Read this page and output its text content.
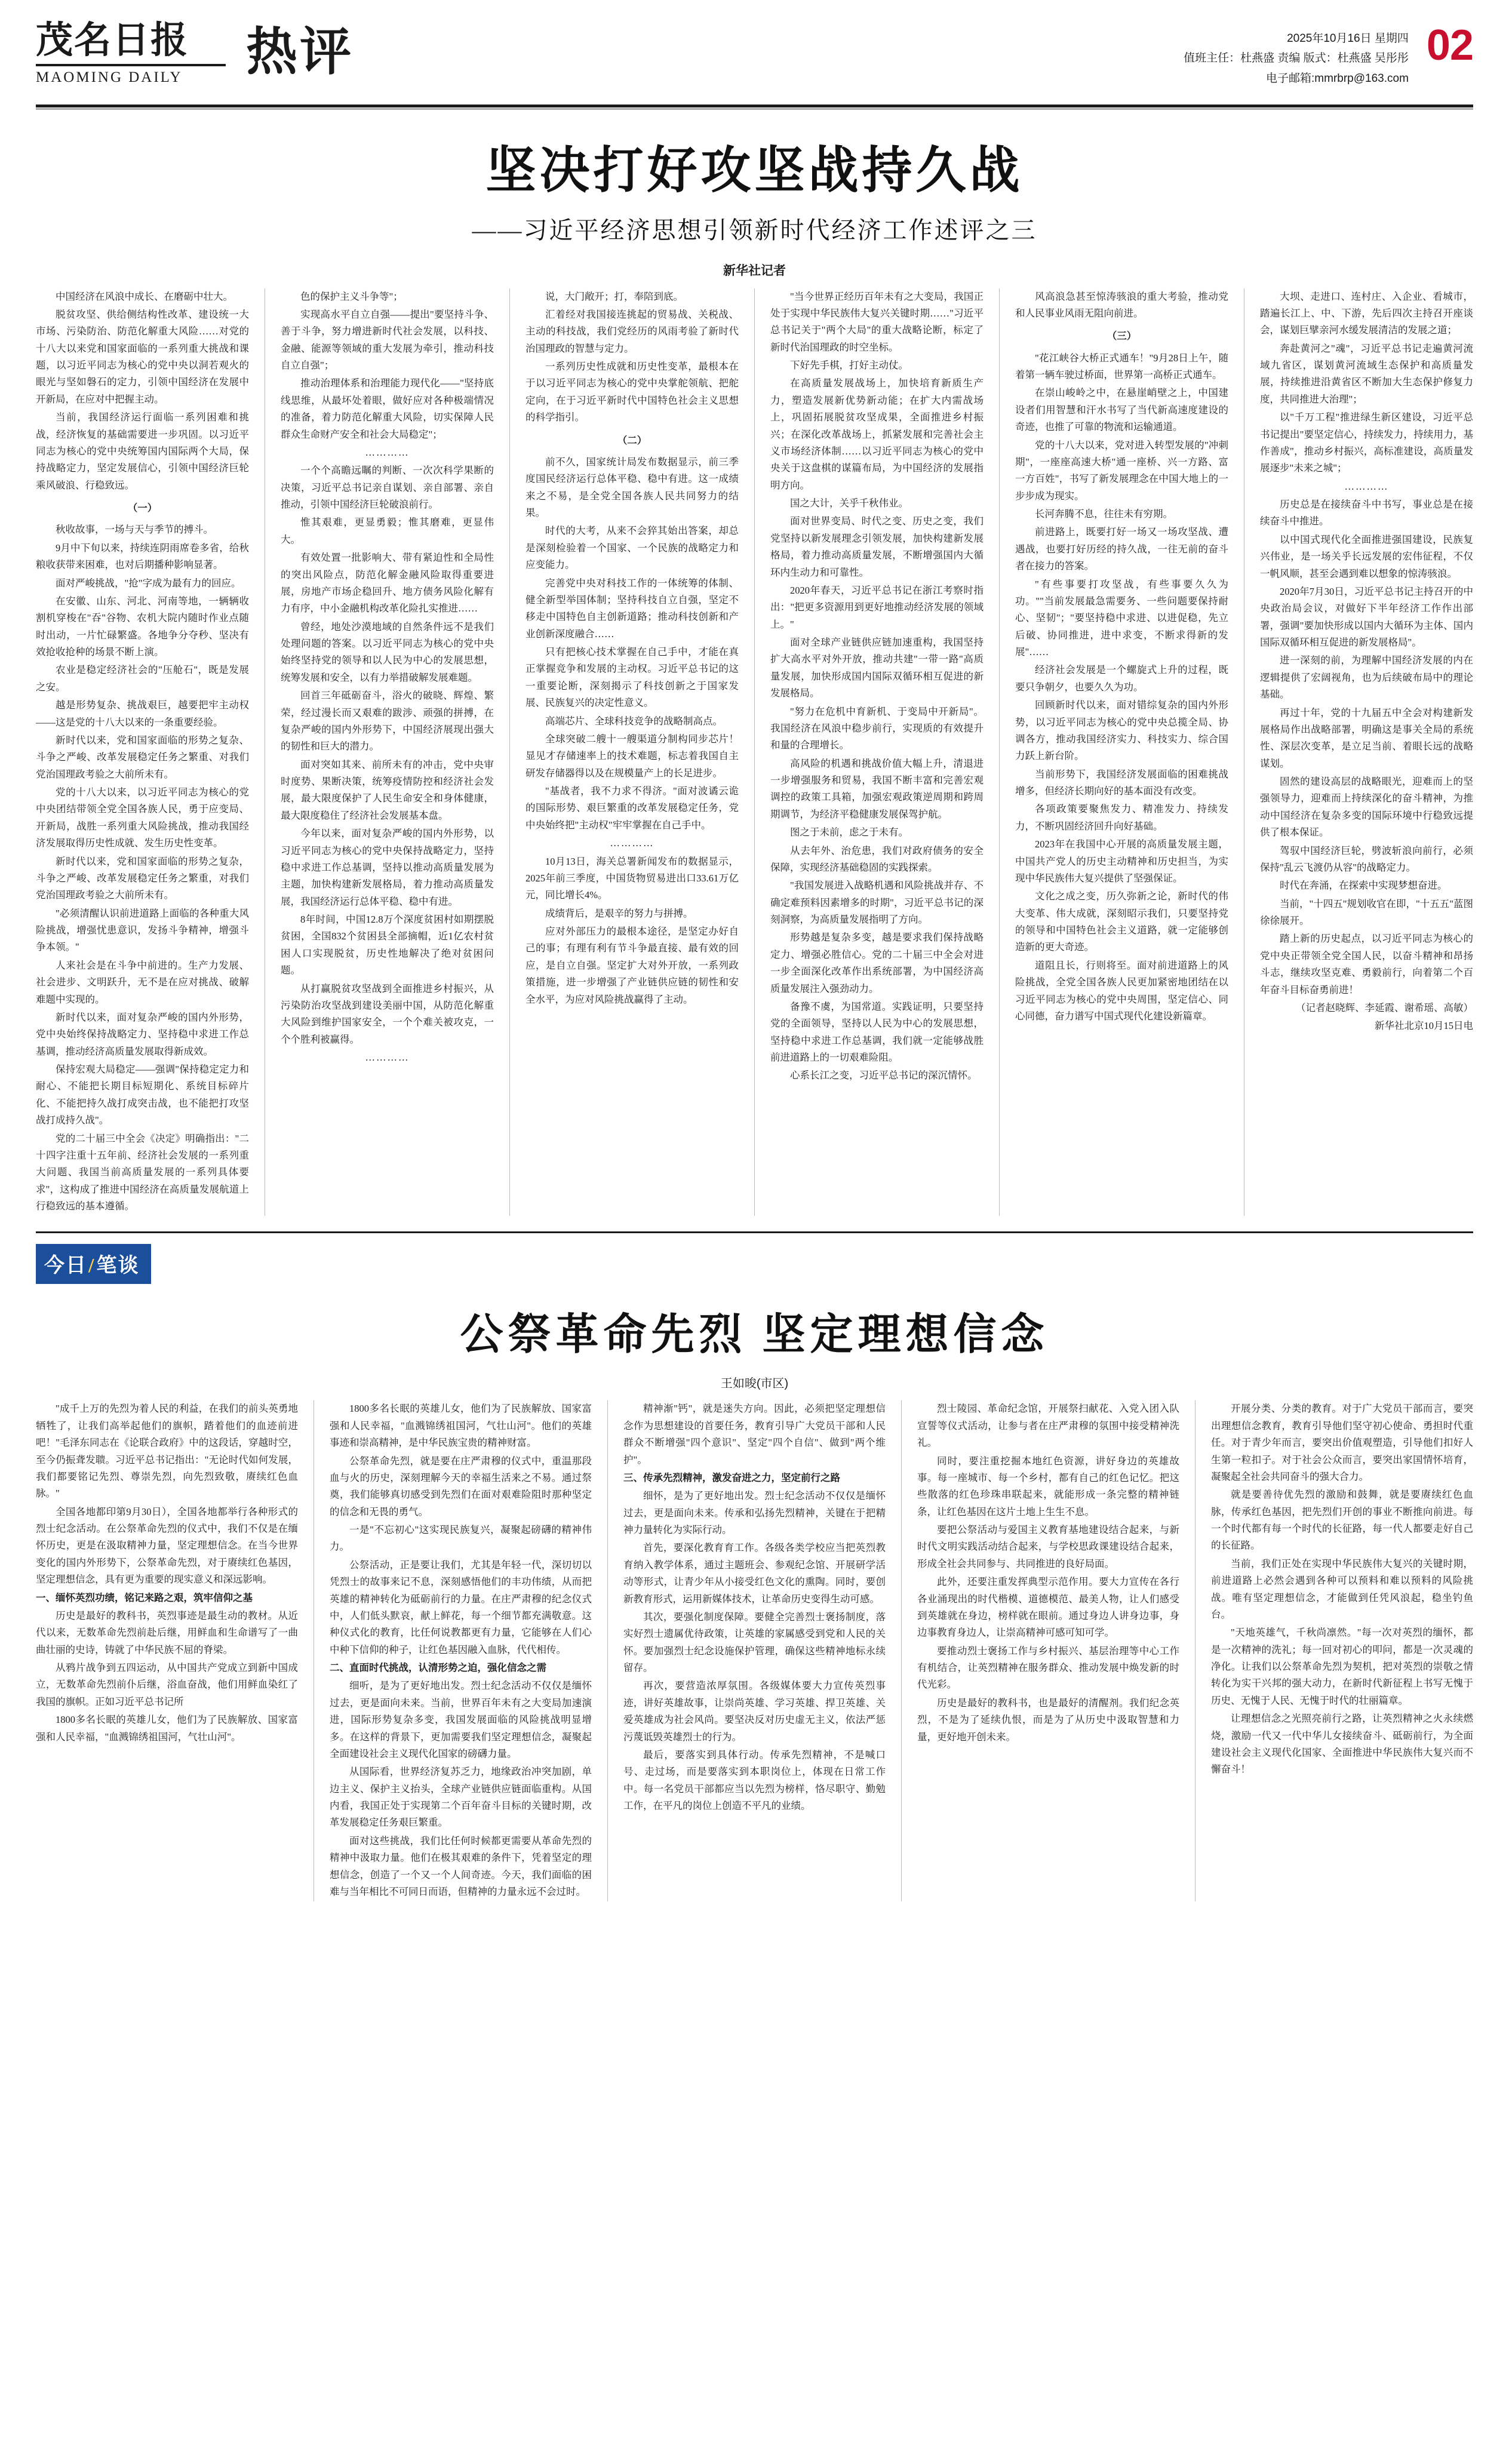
茂名日报
MAOMING DAILY	热评	2025年10月16日 星期四
值班主任：杜燕盛 责编 版式：杜燕盛 吴彤彤
电子邮箱:mmrbrp@163.com
02
坚决打好攻坚战持久战
——习近平经济思想引领新时代经济工作述评之三
新华社记者

中国经济在风浪中成长、在磨砺中壮大。

脱贫攻坚、供给侧结构性改革、建设统一大市场、污染防治、防范化解重大风险……对党的十八大以来党和国家面临的一系列重大挑战和课题，以习近平同志为核心的党中央以洞若观火的眼光与坚如磐石的定力，引领中国经济在发展中开新局，在应对中把握主动。

当前，我国经济运行面临一系列困难和挑战，经济恢复的基础需要进一步巩固。以习近平同志为核心的党中央统筹国内国际两个大局，保持战略定力，坚定发展信心，引领中国经济巨轮乘风破浪、行稳致远。

（一）

秋收故事，一场与天与季节的搏斗。

9月中下旬以来，持续连阴雨席卷多省，给秋粮收获带来困难，也对后期播种影响显著。

面对严峻挑战，"抢"字成为最有力的回应。

在安徽、山东、河北、河南等地，一辆辆收割机穿梭在"吞"谷物、农机大院内随时作业点随时出动，一片忙碌繁盛。各地争分夺秒、坚决有效抢收抢种的场景不断上演。

农业是稳定经济社会的"压舱石"，既是发展之安。

越是形势复杂、挑战艰巨，越要把牢主动权——这是党的十八大以来的一条重要经验。

新时代以来，党和国家面临的形势之复杂、斗争之严峻、改革发展稳定任务之繁重、对我们党治国理政考验之大前所未有。

党的十八大以来，以习近平同志为核心的党中央团结带领全党全国各族人民，勇于应变局、开新局，战胜一系列重大风险挑战，推动我国经济发展取得历史性成就、发生历史性变革。

新时代以来，党和国家面临的形势之复杂，斗争之严峻、改革发展稳定任务之繁重，对我们党治国理政考验之大前所未有。

"必须清醒认识前进道路上面临的各种重大风险挑战，增强忧患意识，发扬斗争精神，增强斗争本领。"

人来社会是在斗争中前进的。生产力发展、社会进步、文明跃升，无不是在应对挑战、破解难题中实现的。

新时代以来，面对复杂严峻的国内外形势，党中央始终保持战略定力、坚持稳中求进工作总基调，推动经济高质量发展取得新成效。

保持宏观大局稳定——强调"保持稳定定力和耐心、不能把长期目标短期化、系统目标碎片化、不能把持久战打成突击战，也不能把打攻坚战打成持久战"。

党的二十届三中全会《决定》明确指出："二十四字注重十五年前、经济社会发展的一系列重大问题、我国当前高质量发展的一系列具体要求"，这构成了推进中国经济在高质量发展航道上行稳致远的基本遵循。

色的保护主义斗争等"；

实现高水平自立自强——提出"要坚持斗争、善于斗争，努力增进新时代社会发展，以科技、金融、能源等领域的重大发展为牵引，推动科技自立自强"；

推动治理体系和治理能力现代化——"坚持底线思维，从最坏处着眼，做好应对各种极端情况的准备，着力防范化解重大风险，切实保障人民群众生命财产安全和社会大局稳定"；

…………

一个个高瞻远瞩的判断、一次次科学果断的决策，习近平总书记亲自谋划、亲自部署、亲自推动，引领中国经济巨轮破浪前行。

惟其艰难，更显勇毅；惟其磨难，更显伟大。

有效处置一批影响大、带有紧迫性和全局性的突出风险点，防范化解金融风险取得重要进展，房地产市场企稳回升、地方债务风险化解有力有序，中小金融机构改革化险扎实推进……

曾经，地处沙漠地域的自然条件远不是我们处理问题的答案。以习近平同志为核心的党中央始终坚持党的领导和以人民为中心的发展思想，统筹发展和安全，以有力举措破解发展难题。

回首三年砥砺奋斗，浴火的破晓、辉煌、繁荣，经过漫长而又艰难的跋涉、顽强的拼搏，在复杂严峻的国内外形势下，中国经济展现出强大的韧性和巨大的潜力。

面对突如其来、前所未有的冲击，党中央审时度势、果断决策，统筹疫情防控和经济社会发展，最大限度保护了人民生命安全和身体健康，最大限度稳住了经济社会发展基本盘。

今年以来，面对复杂严峻的国内外形势，以习近平同志为核心的党中央保持战略定力，坚持稳中求进工作总基调，坚持以推动高质量发展为主题，加快构建新发展格局，着力推动高质量发展，我国经济运行总体平稳、稳中有进。

8年时间，中国12.8万个深度贫困村如期摆脱贫困，全国832个贫困县全部摘帽，近1亿农村贫困人口实现脱贫，历史性地解决了绝对贫困问题。

从打赢脱贫攻坚战到全面推进乡村振兴，从污染防治攻坚战到建设美丽中国，从防范化解重大风险到维护国家安全，一个个难关被攻克，一个个胜利被赢得。

…………

说，大门敞开；打，奉陪到底。

汇着经对我国接连挑起的贸易战、关税战、主动的科技战，我们党经历的风雨考验了新时代治国理政的智慧与定力。

一系列历史性成就和历史性变革，最根本在于以习近平同志为核心的党中央掌舵领航、把舵定向，在于习近平新时代中国特色社会主义思想的科学指引。

（二）

前不久，国家统计局发布数据显示，前三季度国民经济运行总体平稳、稳中有进。这一成绩来之不易，是全党全国各族人民共同努力的结果。

时代的大考，从来不会猝其始出答案，却总是深刻检验着一个国家、一个民族的战略定力和应变能力。

完善党中央对科技工作的一体统筹的体制、健全新型举国体制；坚持科技自立自强，坚定不移走中国特色自主创新道路；推动科技创新和产业创新深度融合……

只有把核心技术掌握在自己手中，才能在真正掌握竞争和发展的主动权。习近平总书记的这一重要论断，深刻揭示了科技创新之于国家发展、民族复兴的决定性意义。

高端芯片、全球科技竞争的战略制高点。

全球突破二艘十一艘渠道分制构同步芯片！显见才存储速率上的技术难题，标志着我国自主研发存储器得以及在规模量产上的长足进步。

"基战者，我不力求不得济。"面对波谲云诡的国际形势、艰巨繁重的改革发展稳定任务，党中央始终把"主动权"牢牢掌握在自己手中。

…………

10月13日，海关总署新闻发布的数据显示，2025年前三季度，中国货物贸易进出口33.61万亿元，同比增长4%。

成绩背后，是艰辛的努力与拼搏。

应对外部压力的最根本途径，是坚定办好自己的事；有理有利有节斗争最直接、最有效的回应，是自立自强。坚定扩大对外开放，一系列政策措施，进一步增强了产业链供应链的韧性和安全水平，为应对风险挑战赢得了主动。

"当今世界正经历百年未有之大变局，我国正处于实现中华民族伟大复兴关键时期……"习近平总书记关于"两个大局"的重大战略论断，标定了新时代治国理政的时空坐标。

下好先手棋，打好主动仗。

在高质量发展战场上，加快培育新质生产力，塑造发展新优势新动能；在扩大内需战场上，巩固拓展脱贫攻坚成果，全面推进乡村振兴；在深化改革战场上，抓紧发展和完善社会主义市场经济体制……以习近平同志为核心的党中央关于这盘棋的谋篇布局，为中国经济的发展指明方向。

国之大计，关乎千秋伟业。

面对世界变局、时代之变、历史之变，我们党坚持以新发展理念引领发展，加快构建新发展格局，着力推动高质量发展，不断增强国内大循环内生动力和可靠性。

2020年春天，习近平总书记在浙江考察时指出："把更多资源用到更好地推动经济发展的领域上。"

面对全球产业链供应链加速重构，我国坚持扩大高水平对外开放，推动共建"一带一路"高质量发展，加快形成国内国际双循环相互促进的新发展格局。

"努力在危机中育新机、于变局中开新局"。我国经济在风浪中稳步前行，实现质的有效提升和量的合理增长。

高风险的机遇和挑战价值大幅上升，清退进一步增强服务和贸易，我国不断丰富和完善宏观调控的政策工具箱，加强宏观政策逆周期和跨周期调节，为经济平稳健康发展保驾护航。

图之于未前，虑之于未有。

从去年外、治危患，我们对政府债务的安全保障，实现经济基础稳固的实践探索。

"我国发展进入战略机遇和风险挑战并存、不确定难预料因素增多的时期"，习近平总书记的深刻洞察，为高质量发展指明了方向。

形势越是复杂多变，越是要求我们保持战略定力、增强必胜信心。党的二十届三中全会对进一步全面深化改革作出系统部署，为中国经济高质量发展注入强劲动力。

备豫不虞，为国常道。实践证明，只要坚持党的全面领导，坚持以人民为中心的发展思想，坚持稳中求进工作总基调，我们就一定能够战胜前进道路上的一切艰难险阻。

心系长江之变，习近平总书记的深沉情怀。

风高浪急甚至惊涛骇浪的重大考验，推动党和人民事业风雨无阻向前进。

（三）

"花江峡谷大桥正式通车！"9月28日上午，随着第一辆车驶过桥面，世界第一高桥正式通车。

在崇山峻岭之中，在悬崖峭壁之上，中国建设者们用智慧和汗水书写了当代新高速度建设的奇迹，也推了可靠的物流和运输通道。

党的十八大以来，党对进入转型发展的"冲刺期"，一座座高速大桥"通一座桥、兴一方路、富一方百姓"，书写了新发展理念在中国大地上的一步步成为现实。

长河奔腾不息，往往未有穷期。

前进路上，既要打好一场又一场攻坚战、遭遇战，也要打好历经的持久战，一往无前的奋斗者在接力的答案。

"有些事要打攻坚战，有些事要久久为功。""当前发展最急需要务、一些问题要保持耐心、坚韧"；"要坚持稳中求进、以进促稳，先立后破、协同推进，进中求变，不断求得新的发展"……

经济社会发展是一个螺旋式上升的过程，既要只争朝夕，也要久久为功。

回顾新时代以来，面对错综复杂的国内外形势，以习近平同志为核心的党中央总揽全局、协调各方，推动我国经济实力、科技实力、综合国力跃上新台阶。

当前形势下，我国经济发展面临的困难挑战增多，但经济长期向好的基本面没有改变。

各项政策要聚焦发力、精准发力、持续发力，不断巩固经济回升向好基础。

2023年在我国中心开展的高质量发展主题，中国共产党人的历史主动精神和历史担当，为实现中华民族伟大复兴提供了坚强保证。

文化之成之变，历久弥新之论，新时代的伟大变革、伟大成就，深刻昭示我们，只要坚持党的领导和中国特色社会主义道路，就一定能够创造新的更大奇迹。

道阻且长，行则将至。面对前进道路上的风险挑战，全党全国各族人民更加紧密地团结在以习近平同志为核心的党中央周围，坚定信心、同心同德，奋力谱写中国式现代化建设新篇章。

大坝、走进口、连村庄、入企业、看城市，踏遍长江上、中、下游，先后四次主持召开座谈会，谋划巨擘亲河水缓发展清洁的发展之道；

奔赴黄河之"魂"，习近平总书记走遍黄河流域九省区，谋划黄河流域生态保护和高质量发展，持续推进沿黄省区不断加大生态保护修复力度，共同推进大治理"；

以"千万工程"推进绿生新区建设，习近平总书记提出"要坚定信心，持续发力，持续用力，基作善成"，推动乡村振兴，高标准建设，高质量发展逐步"未来之城"；

…………

历史总是在接续奋斗中书写，事业总是在接续奋斗中推进。

以中国式现代化全面推进强国建设，民族复兴伟业，是一场关乎长远发展的宏伟征程，不仅一帆风顺，甚至会遇到难以想象的惊涛骇浪。

2020年7月30日，习近平总书记主持召开的中央政治局会议，对做好下半年经济工作作出部署，强调"要加快形成以国内大循环为主体、国内国际双循环相互促进的新发展格局"。

进一深刻的前，为理解中国经济发展的内在逻辑提供了宏阔视角，也为后续破布局中的理论基础。

再过十年，党的十九届五中全会对构建新发展格局作出战略部署，明确这是事关全局的系统性、深层次变革，是立足当前、着眼长远的战略谋划。

固然的建设高层的战略眼光，迎难而上的坚强领导力，迎难而上持续深化的奋斗精神，为推动中国经济在复杂多变的国际环境中行稳致远提供了根本保证。

驾驭中国经济巨轮，劈波斩浪向前行，必须保持"乱云飞渡仍从容"的战略定力。

时代在奔涌，在探索中实现梦想奋进。

当前，"十四五"规划收官在即，"十五五"蓝图徐徐展开。

踏上新的历史起点，以习近平同志为核心的党中央正带领全党全国人民，以奋斗精神和昂扬斗志，继续攻坚克难、勇毅前行，向着第二个百年奋斗目标奋勇前进！

（记者赵晓辉、李延霞、谢希瑶、高敏）

新华社北京10月15日电

今日/笔谈
公祭革命先烈 坚定理想信念
王如晙(市区)

"成千上万的先烈为着人民的利益，在我们的前头英勇地牺牲了，让我们高举起他们的旗帜，踏着他们的血迹前进吧！"毛泽东同志在《论联合政府》中的这段话，穿越时空，至今仍振聋发聩。习近平总书记指出："无论时代如何发展，我们都要铭记先烈、尊崇先烈，向先烈致敬，赓续红色血脉。"

全国各地都印第9月30日），全国各地都举行各种形式的烈士纪念活动。在公祭革命先烈的仪式中，我们不仅是在缅怀历史，更是在汲取精神力量，坚定理想信念。在当今世界变化的国内外形势下，公祭革命先烈，对于赓续红色基因，坚定理想信念，具有更为重要的现实意义和深远影响。

一、缅怀英烈功绩，铭记来路之艰，筑牢信仰之基

历史是最好的教科书，英烈事迹是最生动的教材。从近代以来，无数革命先烈前赴后继，用鲜血和生命谱写了一曲曲壮丽的史诗，铸就了中华民族不屈的脊梁。

从鸦片战争到五四运动，从中国共产党成立到新中国成立，无数革命先烈前仆后继，浴血奋战，他们用鲜血染红了我国的旗帜。正如习近平总书记所

1800多名长眠的英雄儿女，他们为了民族解放、国家富强和人民幸福，"血溅锦绣祖国河，气壮山河"。

1800多名长眠的英雄儿女，他们为了民族解放、国家富强和人民幸福，"血溅锦绣祖国河，气壮山河"。他们的英雄事迹和崇高精神，是中华民族宝贵的精神财富。

公祭革命先烈，就是要在庄严肃穆的仪式中，重温那段血与火的历史，深刻理解今天的幸福生活来之不易。通过祭奠，我们能够真切感受到先烈们在面对艰难险阻时那种坚定的信念和无畏的勇气。

一是"不忘初心"这实现民族复兴，凝聚起磅礴的精神伟力。

公祭活动，正是要让我们，尤其是年轻一代，深切切以凭烈士的故事来记不息，深刻感悟他们的丰功伟绩，从而把英雄的精神转化为砥砺前行的力量。在庄严肃穆的纪念仪式中，人们低头默哀，献上鲜花，每一个细节都充满敬意。这种仪式化的教育，比任何说教都更有力量，它能够在人们心中种下信仰的种子，让红色基因融入血脉，代代相传。

二、直面时代挑战，认清形势之迫，强化信念之需

细听，是为了更好地出发。烈士纪念活动不仅仅是缅怀过去，更是面向未来。当前，世界百年未有之大变局加速演进，国际形势复杂多变，我国发展面临的风险挑战明显增多。在这样的背景下，更加需要我们坚定理想信念，凝聚起全面建设社会主义现代化国家的磅礴力量。

从国际看，世界经济复苏乏力，地缘政治冲突加剧，单边主义、保护主义抬头，全球产业链供应链面临重构。从国内看，我国正处于实现第二个百年奋斗目标的关键时期，改革发展稳定任务艰巨繁重。

面对这些挑战，我们比任何时候都更需要从革命先烈的精神中汲取力量。他们在极其艰难的条件下，凭着坚定的理想信念，创造了一个又一个人间奇迹。今天，我们面临的困难与当年相比不可同日而语，但精神的力量永远不会过时。

精神渐"钙"，就是迷失方向。因此，必须把坚定理想信念作为思想建设的首要任务，教育引导广大党员干部和人民群众不断增强"四个意识"、坚定"四个自信"、做到"两个维护"。

三、传承先烈精神，激发奋进之力，坚定前行之路

细怀，是为了更好地出发。烈士纪念活动不仅仅是缅怀过去，更是面向未来。传承和弘扬先烈精神，关键在于把精神力量转化为实际行动。

首先，要深化教育育工作。各级各类学校应当把英烈教育纳入教学体系，通过主题班会、参观纪念馆、开展研学活动等形式，让青少年从小接受红色文化的熏陶。同时，要创新教育形式，运用新媒体技术，让革命历史变得生动可感。

其次，要强化制度保障。要健全完善烈士褒扬制度，落实好烈士遗属优待政策，让英雄的家属感受到党和人民的关怀。要加强烈士纪念设施保护管理，确保这些精神地标永续留存。

再次，要营造浓厚氛围。各级媒体要大力宣传英烈事迹，讲好英雄故事，让崇尚英雄、学习英雄、捍卫英雄、关爱英雄成为社会风尚。要坚决反对历史虚无主义，依法严惩污蔑诋毁英雄烈士的行为。

最后，要落实到具体行动。传承先烈精神，不是喊口号、走过场，而是要落实到本职岗位上，体现在日常工作中。每一名党员干部都应当以先烈为榜样，恪尽职守、勤勉工作，在平凡的岗位上创造不平凡的业绩。

烈士陵园、革命纪念馆，开展祭扫献花、入党入团入队宣誓等仪式活动，让参与者在庄严肃穆的氛围中接受精神洗礼。

同时，要注重挖掘本地红色资源，讲好身边的英雄故事。每一座城市、每一个乡村，都有自己的红色记忆。把这些散落的红色珍珠串联起来，就能形成一条完整的精神链条，让红色基因在这片土地上生生不息。

要把公祭活动与爱国主义教育基地建设结合起来，与新时代文明实践活动结合起来，与学校思政课建设结合起来，形成全社会共同参与、共同推进的良好局面。

此外，还要注重发挥典型示范作用。要大力宣传在各行各业涌现出的时代楷模、道德模范、最美人物，让人们感受到英雄就在身边，榜样就在眼前。通过身边人讲身边事，身边事教育身边人，让崇高精神可感可知可学。

要推动烈士褒扬工作与乡村振兴、基层治理等中心工作有机结合，让英烈精神在服务群众、推动发展中焕发新的时代光彩。

历史是最好的教科书，也是最好的清醒剂。我们纪念英烈，不是为了延续仇恨，而是为了从历史中汲取智慧和力量，更好地开创未来。

开展分类、分类的教育。对于广大党员干部而言，要突出理想信念教育，教育引导他们坚守初心使命、勇担时代重任。对于青少年而言，要突出价值观塑造，引导他们扣好人生第一粒扣子。对于社会公众而言，要突出家国情怀培育，凝聚起全社会共同奋斗的强大合力。

就是要善待优先烈的激励和鼓舞，就是要赓续红色血脉，传承红色基因，把先烈们开创的事业不断推向前进。每一个时代都有每一个时代的长征路，每一代人都要走好自己的长征路。

当前，我们正处在实现中华民族伟大复兴的关键时期，前进道路上必然会遇到各种可以预料和难以预料的风险挑战。唯有坚定理想信念，才能做到任凭风浪起，稳坐钓鱼台。

"天地英雄气，千秋尚凛然。"每一次对英烈的缅怀，都是一次精神的洗礼；每一回对初心的叩问，都是一次灵魂的净化。让我们以公祭革命先烈为契机，把对英烈的崇敬之情转化为实干兴邦的强大动力，在新时代新征程上书写无愧于历史、无愧于人民、无愧于时代的壮丽篇章。

让理想信念之光照亮前行之路，让英烈精神之火永续燃烧，激励一代又一代中华儿女接续奋斗、砥砺前行，为全面建设社会主义现代化国家、全面推进中华民族伟大复兴而不懈奋斗！
